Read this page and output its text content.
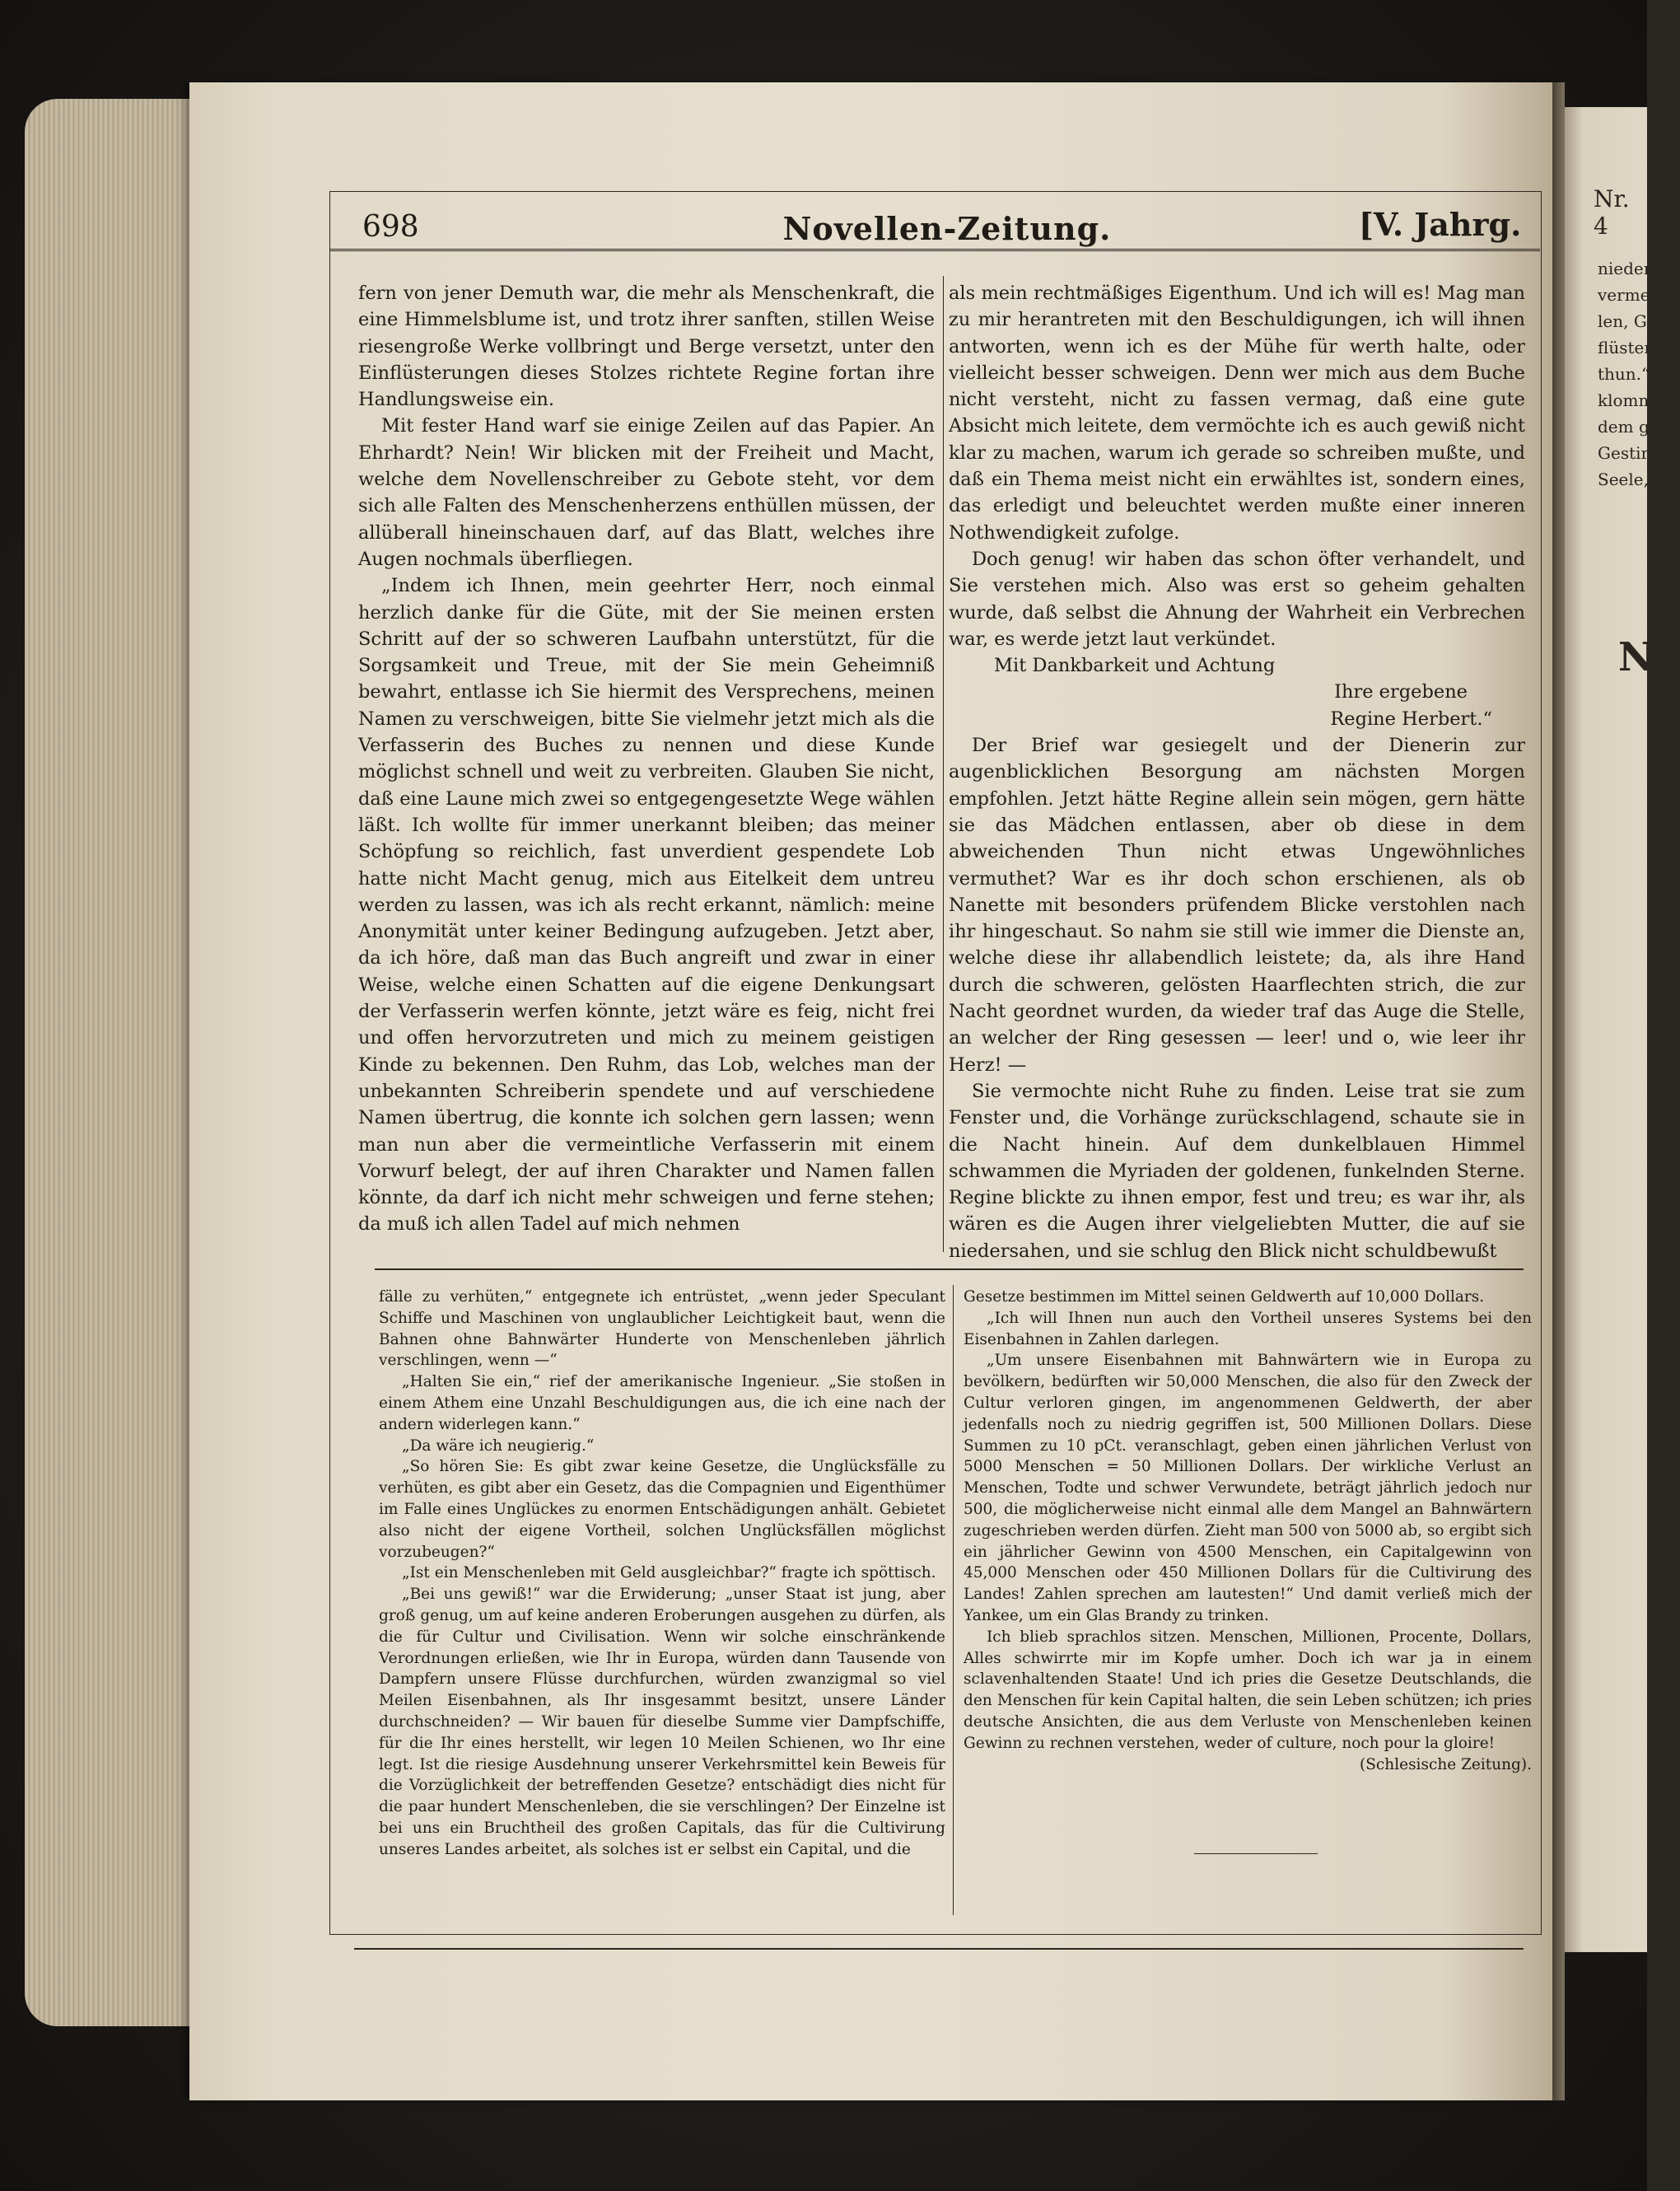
Nr. 4
nieder.
vermeid
len, Gu
flüsterte
thun.“
klommen
dem göt
Gestirne
Seele, l
Na
698	Novellen-Zeitung.	[V. Jahrg.

fern von jener Demuth war, die mehr als Menschenkraft, die eine Himmelsblume ist, und trotz ihrer sanften, stillen Weise riesengroße Werke vollbringt und Berge versetzt, unter den Einflüsterungen dieses Stolzes richtete Regine fortan ihre Handlungsweise ein.

Mit fester Hand warf sie einige Zeilen auf das Papier. An Ehrhardt? Nein! Wir blicken mit der Freiheit und Macht, welche dem Novellenschreiber zu Gebote steht, vor dem sich alle Falten des Menschenherzens enthüllen müssen, der allüberall hineinschauen darf, auf das Blatt, welches ihre Augen nochmals überfliegen.

„Indem ich Ihnen, mein geehrter Herr, noch einmal herzlich danke für die Güte, mit der Sie meinen ersten Schritt auf der so schweren Laufbahn unterstützt, für die Sorgsamkeit und Treue, mit der Sie mein Geheimniß bewahrt, entlasse ich Sie hiermit des Versprechens, meinen Namen zu verschweigen, bitte Sie vielmehr jetzt mich als die Verfasserin des Buches zu nennen und diese Kunde möglichst schnell und weit zu verbreiten. Glauben Sie nicht, daß eine Laune mich zwei so entgegengesetzte Wege wählen läßt. Ich wollte für immer unerkannt bleiben; das meiner Schöpfung so reichlich, fast unverdient gespendete Lob hatte nicht Macht genug, mich aus Eitelkeit dem untreu werden zu lassen, was ich als recht erkannt, nämlich: meine Anonymität unter keiner Bedingung aufzugeben. Jetzt aber, da ich höre, daß man das Buch angreift und zwar in einer Weise, welche einen Schatten auf die eigene Denkungsart der Verfasserin werfen könnte, jetzt wäre es feig, nicht frei und offen hervorzutreten und mich zu meinem geistigen Kinde zu bekennen. Den Ruhm, das Lob, welches man der unbekannten Schreiberin spendete und auf verschiedene Namen übertrug, die konnte ich solchen gern lassen; wenn man nun aber die vermeintliche Verfasserin mit einem Vorwurf belegt, der auf ihren Charakter und Namen fallen könnte, da darf ich nicht mehr schweigen und ferne stehen; da muß ich allen Tadel auf mich nehmen

als mein rechtmäßiges Eigenthum. Und ich will es! Mag man zu mir herantreten mit den Beschuldigungen, ich will ihnen antworten, wenn ich es der Mühe für werth halte, oder vielleicht besser schweigen. Denn wer mich aus dem Buche nicht versteht, nicht zu fassen vermag, daß eine gute Absicht mich leitete, dem vermöchte ich es auch gewiß nicht klar zu machen, warum ich gerade so schreiben mußte, und daß ein Thema meist nicht ein erwähltes ist, sondern eines, das erledigt und beleuchtet werden mußte einer inneren Nothwendigkeit zufolge.

Doch genug! wir haben das schon öfter verhandelt, und Sie verstehen mich. Also was erst so geheim gehalten wurde, daß selbst die Ahnung der Wahrheit ein Verbrechen war, es werde jetzt laut verkündet.

Mit Dankbarkeit und Achtung

Ihre ergebene

Regine Herbert.“

Der Brief war gesiegelt und der Dienerin zur augenblicklichen Besorgung am nächsten Morgen empfohlen. Jetzt hätte Regine allein sein mögen, gern hätte sie das Mädchen entlassen, aber ob diese in dem abweichenden Thun nicht etwas Ungewöhnliches vermuthet? War es ihr doch schon erschienen, als ob Nanette mit besonders prüfendem Blicke verstohlen nach ihr hingeschaut. So nahm sie still wie immer die Dienste an, welche diese ihr allabendlich leistete; da, als ihre Hand durch die schweren, gelösten Haarflechten strich, die zur Nacht geordnet wurden, da wieder traf das Auge die Stelle, an welcher der Ring gesessen — leer! und o, wie leer ihr Herz! —

Sie vermochte nicht Ruhe zu finden. Leise trat sie zum Fenster und, die Vorhänge zurückschlagend, schaute sie in die Nacht hinein. Auf dem dunkelblauen Himmel schwammen die Myriaden der goldenen, funkelnden Sterne. Regine blickte zu ihnen empor, fest und treu; es war ihr, als wären es die Augen ihrer vielgeliebten Mutter, die auf sie niedersahen, und sie schlug den Blick nicht schuldbewußt

fälle zu verhüten,“ entgegnete ich entrüstet, „wenn jeder Speculant Schiffe und Maschinen von unglaublicher Leichtigkeit baut, wenn die Bahnen ohne Bahnwärter Hunderte von Menschenleben jährlich verschlingen, wenn —“

„Halten Sie ein,“ rief der amerikanische Ingenieur. „Sie stoßen in einem Athem eine Unzahl Beschuldigungen aus, die ich eine nach der andern widerlegen kann.“

„Da wäre ich neugierig.“

„So hören Sie: Es gibt zwar keine Gesetze, die Unglücksfälle zu verhüten, es gibt aber ein Gesetz, das die Compagnien und Eigenthümer im Falle eines Unglückes zu enormen Entschädigungen anhält. Gebietet also nicht der eigene Vortheil, solchen Unglücksfällen möglichst vorzubeugen?“

„Ist ein Menschenleben mit Geld ausgleichbar?“ fragte ich spöttisch.

„Bei uns gewiß!“ war die Erwiderung; „unser Staat ist jung, aber groß genug, um auf keine anderen Eroberungen ausgehen zu dürfen, als die für Cultur und Civilisation. Wenn wir solche einschränkende Verordnungen erließen, wie Ihr in Europa, würden dann Tausende von Dampfern unsere Flüsse durchfurchen, würden zwanzigmal so viel Meilen Eisenbahnen, als Ihr insgesammt besitzt, unsere Länder durchschneiden? — Wir bauen für dieselbe Summe vier Dampfschiffe, für die Ihr eines herstellt, wir legen 10 Meilen Schienen, wo Ihr eine legt. Ist die riesige Ausdehnung unserer Verkehrsmittel kein Beweis für die Vorzüglichkeit der betreffenden Gesetze? entschädigt dies nicht für die paar hundert Menschenleben, die sie verschlingen? Der Einzelne ist bei uns ein Bruchtheil des großen Capitals, das für die Cultivirung unseres Landes arbeitet, als solches ist er selbst ein Capital, und die

Gesetze bestimmen im Mittel seinen Geldwerth auf 10,000 Dollars.

„Ich will Ihnen nun auch den Vortheil unseres Systems bei den Eisenbahnen in Zahlen darlegen.

„Um unsere Eisenbahnen mit Bahnwärtern wie in Europa zu bevölkern, bedürften wir 50,000 Menschen, die also für den Zweck der Cultur verloren gingen, im angenommenen Geldwerth, der aber jedenfalls noch zu niedrig gegriffen ist, 500 Millionen Dollars. Diese Summen zu 10 pCt. veranschlagt, geben einen jährlichen Verlust von 5000 Menschen = 50 Millionen Dollars. Der wirkliche Verlust an Menschen, Todte und schwer Verwundete, beträgt jährlich jedoch nur 500, die möglicherweise nicht einmal alle dem Mangel an Bahnwärtern zugeschrieben werden dürfen. Zieht man 500 von 5000 ab, so ergibt sich ein jährlicher Gewinn von 4500 Menschen, ein Capitalgewinn von 45,000 Menschen oder 450 Millionen Dollars für die Cultivirung des Landes! Zahlen sprechen am lautesten!“ Und damit verließ mich der Yankee, um ein Glas Brandy zu trinken.

Ich blieb sprachlos sitzen. Menschen, Millionen, Procente, Dollars, Alles schwirrte mir im Kopfe umher. Doch ich war ja in einem sclavenhaltenden Staate! Und ich pries die Gesetze Deutschlands, die den Menschen für kein Capital halten, die sein Leben schützen; ich pries deutsche Ansichten, die aus dem Verluste von Menschenleben keinen Gewinn zu rechnen verstehen, weder of culture, noch pour la gloire!

(Schlesische Zeitung).
